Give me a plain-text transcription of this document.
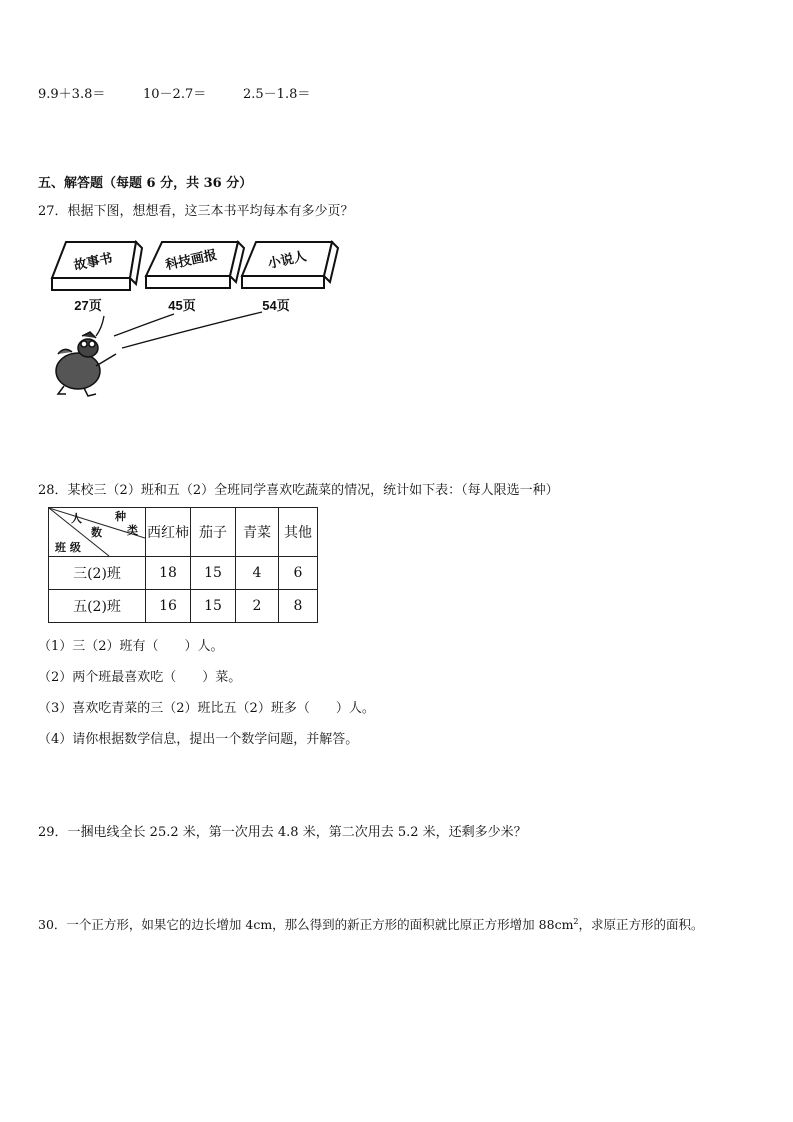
9.9＋3.8＝	10－2.7＝	2.5－1.8＝
五、解答题（每题 6 分，共 36 分）
27．根据下图，想想看，这三本书平均每本有多少页？
故事书	科技画报	小说人
27页	45页	54页
28．某校三（2）班和五（2）全班同学喜欢吃蔬菜的情况，统计如下表：（每人限选一种）
人 种
数 类
班 级	西红柿	茄子	青菜	其他
三(2)班	18	15	4	6
五(2)班	16	15	2	8
（1）三（2）班有（　　）人。
（2）两个班最喜欢吃（　　）菜。
（3）喜欢吃青菜的三（2）班比五（2）班多（　　）人。
（4）请你根据数学信息，提出一个数学问题，并解答。
29．一捆电线全长 25.2 米，第一次用去 4.8 米，第二次用去 5.2 米，还剩多少米？
30．一个正方形，如果它的边长增加 4cm，那么得到的新正方形的面积就比原正方形增加 $88cm^2$，求原正方形的面积。
